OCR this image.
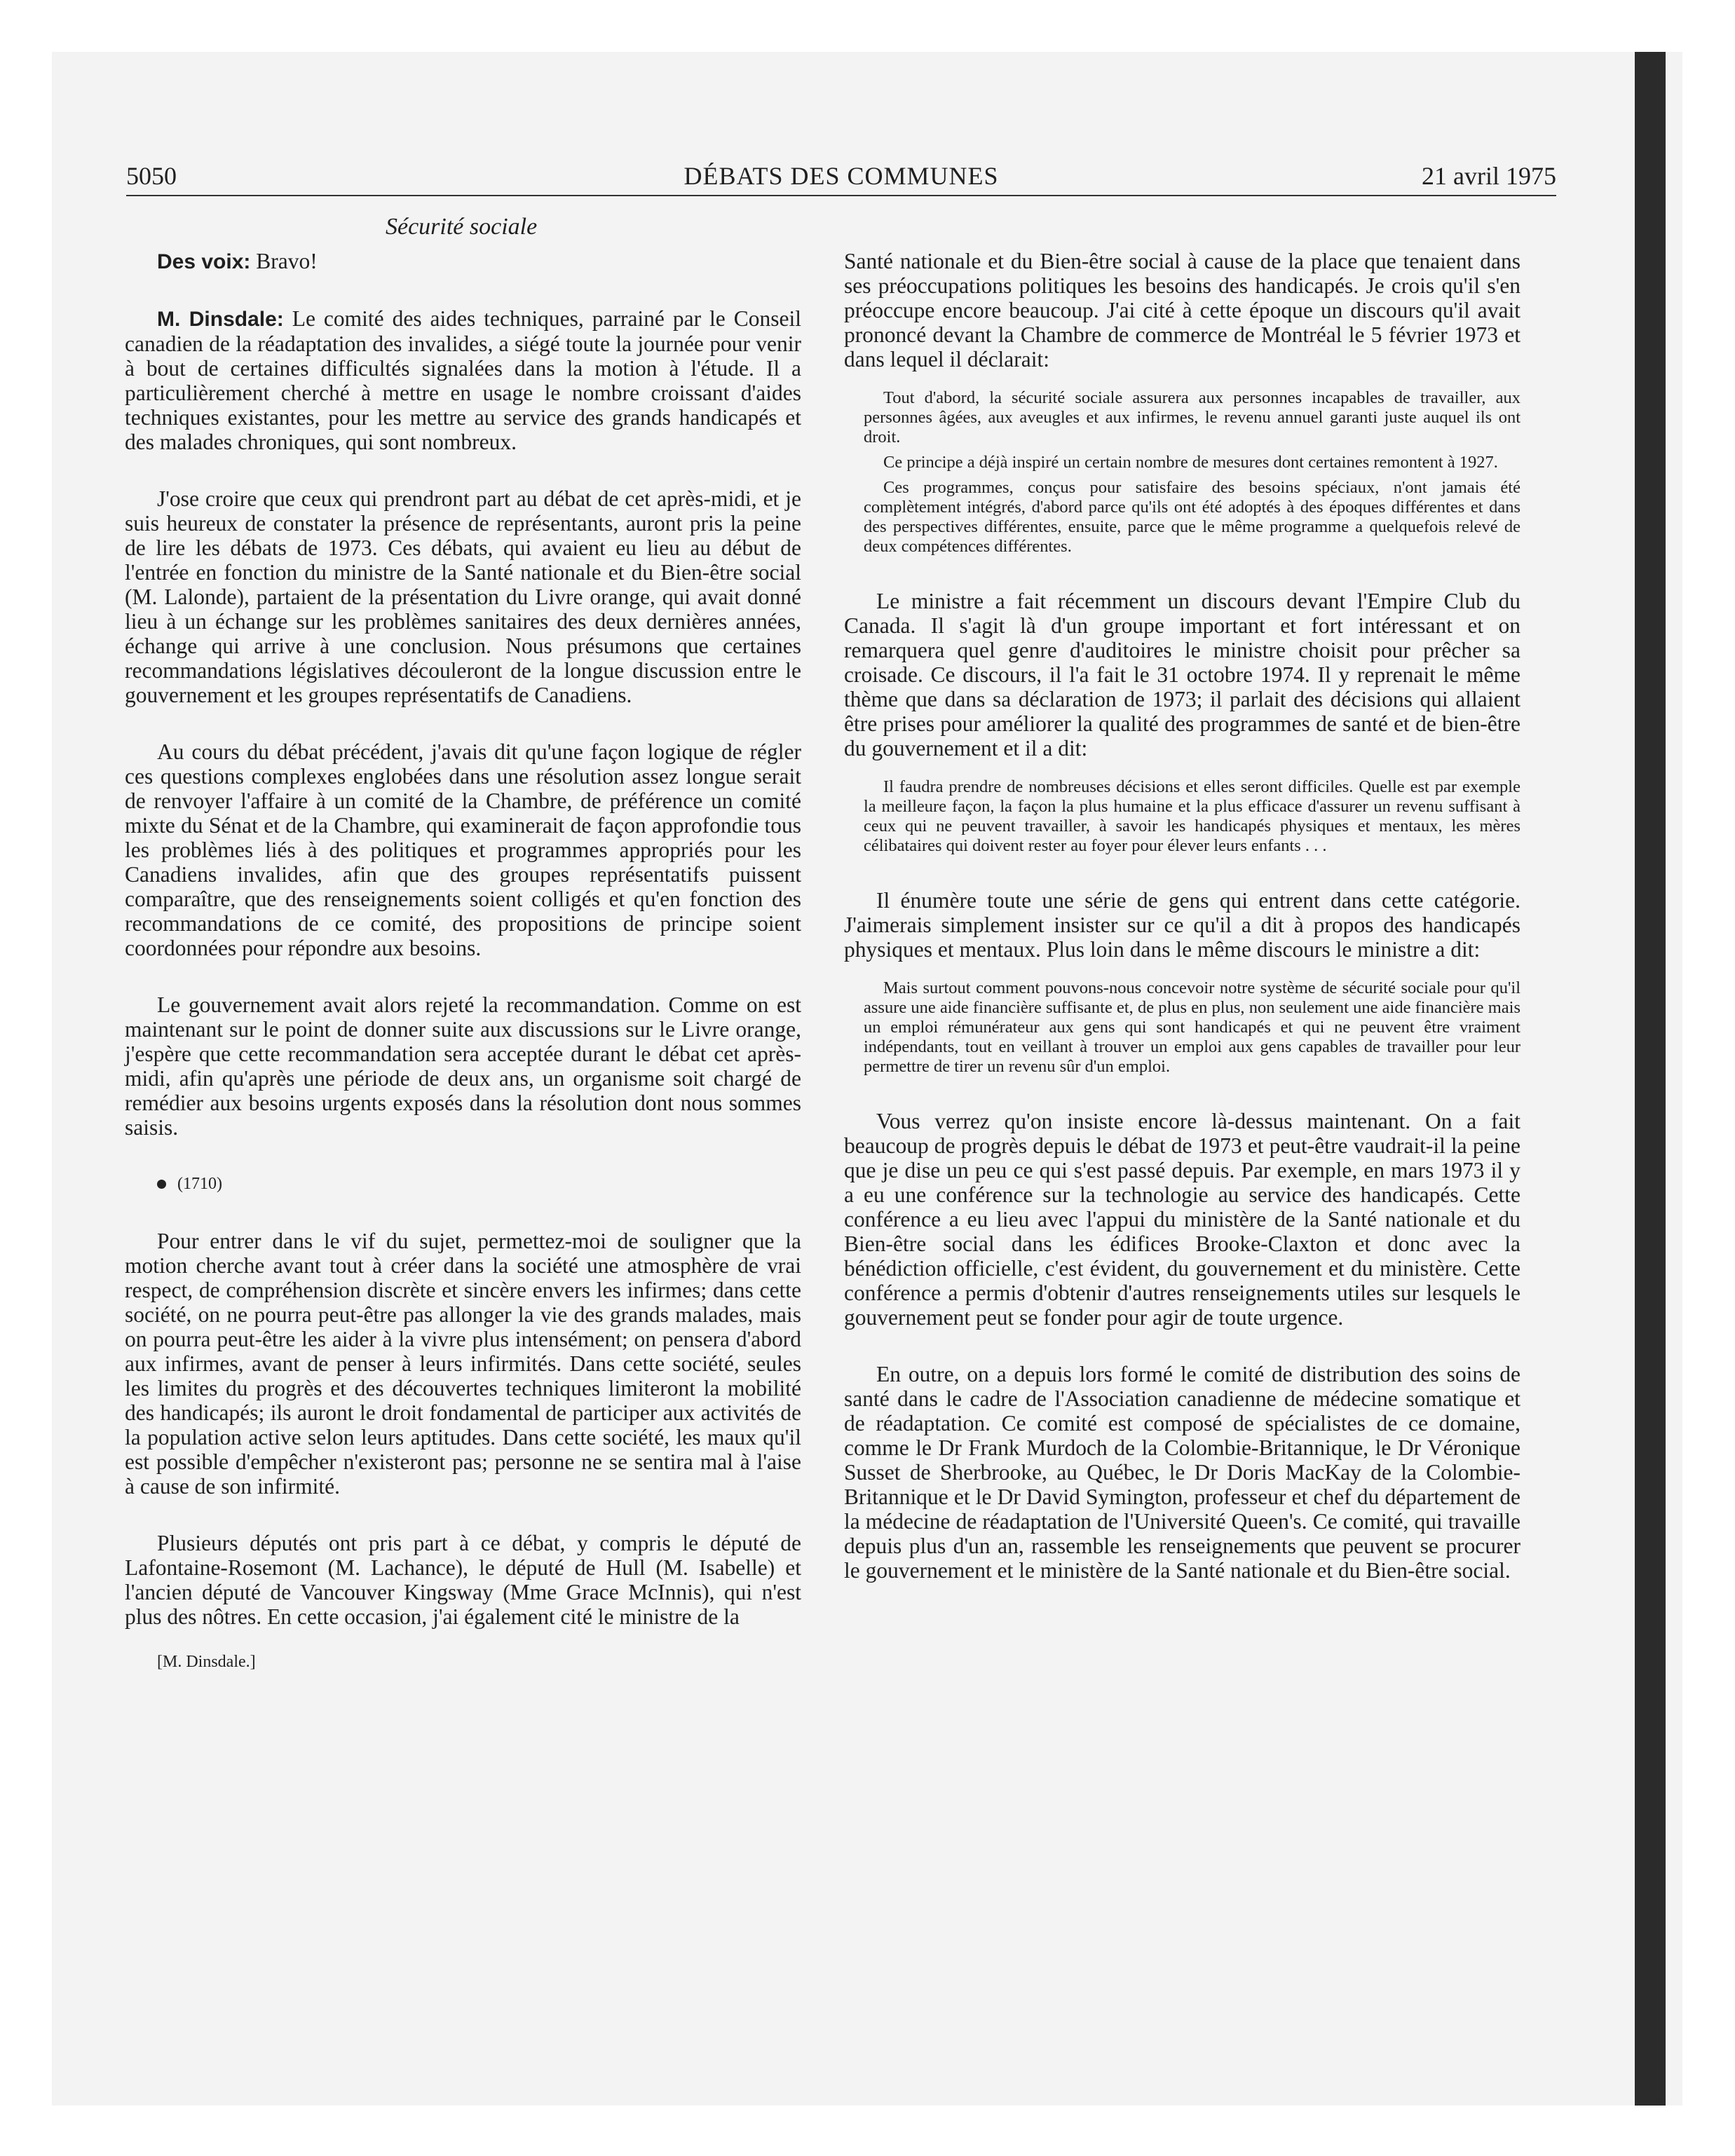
5050	DÉBATS DES COMMUNES	21 avril 1975
Sécurité sociale

Des voix: Bravo!

M. Dinsdale: Le comité des aides techniques, parrainé par le Conseil canadien de la réadaptation des invalides, a siégé toute la journée pour venir à bout de certaines difficultés signalées dans la motion à l'étude. Il a particulièrement cherché à mettre en usage le nombre croissant d'aides techniques existantes, pour les mettre au service des grands handicapés et des malades chroniques, qui sont nombreux.

J'ose croire que ceux qui prendront part au débat de cet après-midi, et je suis heureux de constater la présence de représentants, auront pris la peine de lire les débats de 1973. Ces débats, qui avaient eu lieu au début de l'entrée en fonction du ministre de la Santé nationale et du Bien-être social (M. Lalonde), partaient de la présentation du Livre orange, qui avait donné lieu à un échange sur les problèmes sanitaires des deux dernières années, échange qui arrive à une conclusion. Nous présumons que certaines recommandations législatives découleront de la longue discussion entre le gouvernement et les groupes représentatifs de Canadiens.

Au cours du débat précédent, j'avais dit qu'une façon logique de régler ces questions complexes englobées dans une résolution assez longue serait de renvoyer l'affaire à un comité de la Chambre, de préférence un comité mixte du Sénat et de la Chambre, qui examinerait de façon approfondie tous les problèmes liés à des politiques et programmes appropriés pour les Canadiens invalides, afin que des groupes représentatifs puissent comparaître, que des renseignements soient colligés et qu'en fonction des recommandations de ce comité, des propositions de principe soient coordonnées pour répondre aux besoins.

Le gouvernement avait alors rejeté la recommandation. Comme on est maintenant sur le point de donner suite aux discussions sur le Livre orange, j'espère que cette recommandation sera acceptée durant le débat cet après-midi, afin qu'après une période de deux ans, un organisme soit chargé de remédier aux besoins urgents exposés dans la résolution dont nous sommes saisis.

(1710)

Pour entrer dans le vif du sujet, permettez-moi de souligner que la motion cherche avant tout à créer dans la société une atmosphère de vrai respect, de compréhension discrète et sincère envers les infirmes; dans cette société, on ne pourra peut-être pas allonger la vie des grands malades, mais on pourra peut-être les aider à la vivre plus intensément; on pensera d'abord aux infirmes, avant de penser à leurs infirmités. Dans cette société, seules les limites du progrès et des découvertes techniques limiteront la mobilité des handicapés; ils auront le droit fondamental de participer aux activités de la population active selon leurs aptitudes. Dans cette société, les maux qu'il est possible d'empêcher n'existeront pas; personne ne se sentira mal à l'aise à cause de son infirmité.

Plusieurs députés ont pris part à ce débat, y compris le député de Lafontaine-Rosemont (M. Lachance), le député de Hull (M. Isabelle) et l'ancien député de Vancouver Kingsway (Mme Grace McInnis), qui n'est plus des nôtres. En cette occasion, j'ai également cité le ministre de la

[M. Dinsdale.]

Santé nationale et du Bien-être social à cause de la place que tenaient dans ses préoccupations politiques les besoins des handicapés. Je crois qu'il s'en préoccupe encore beaucoup. J'ai cité à cette époque un discours qu'il avait prononcé devant la Chambre de commerce de Montréal le 5 février 1973 et dans lequel il déclarait:

Tout d'abord, la sécurité sociale assurera aux personnes incapables de travailler, aux personnes âgées, aux aveugles et aux infirmes, le revenu annuel garanti juste auquel ils ont droit.
Ce principe a déjà inspiré un certain nombre de mesures dont certaines remontent à 1927.
Ces programmes, conçus pour satisfaire des besoins spéciaux, n'ont jamais été complètement intégrés, d'abord parce qu'ils ont été adoptés à des époques différentes et dans des perspectives différentes, ensuite, parce que le même programme a quelquefois relevé de deux compétences différentes.

Le ministre a fait récemment un discours devant l'Empire Club du Canada. Il s'agit là d'un groupe important et fort intéressant et on remarquera quel genre d'auditoires le ministre choisit pour prêcher sa croisade. Ce discours, il l'a fait le 31 octobre 1974. Il y reprenait le même thème que dans sa déclaration de 1973; il parlait des décisions qui allaient être prises pour améliorer la qualité des programmes de santé et de bien-être du gouvernement et il a dit:

Il faudra prendre de nombreuses décisions et elles seront difficiles. Quelle est par exemple la meilleure façon, la façon la plus humaine et la plus efficace d'assurer un revenu suffisant à ceux qui ne peuvent travailler, à savoir les handicapés physiques et mentaux, les mères célibataires qui doivent rester au foyer pour élever leurs enfants . . .

Il énumère toute une série de gens qui entrent dans cette catégorie. J'aimerais simplement insister sur ce qu'il a dit à propos des handicapés physiques et mentaux. Plus loin dans le même discours le ministre a dit:

Mais surtout comment pouvons-nous concevoir notre système de sécurité sociale pour qu'il assure une aide financière suffisante et, de plus en plus, non seulement une aide financière mais un emploi rémunérateur aux gens qui sont handicapés et qui ne peuvent être vraiment indépendants, tout en veillant à trouver un emploi aux gens capables de travailler pour leur permettre de tirer un revenu sûr d'un emploi.

Vous verrez qu'on insiste encore là-dessus maintenant. On a fait beaucoup de progrès depuis le débat de 1973 et peut-être vaudrait-il la peine que je dise un peu ce qui s'est passé depuis. Par exemple, en mars 1973 il y a eu une conférence sur la technologie au service des handicapés. Cette conférence a eu lieu avec l'appui du ministère de la Santé nationale et du Bien-être social dans les édifices Brooke-Claxton et donc avec la bénédiction officielle, c'est évident, du gouvernement et du ministère. Cette conférence a permis d'obtenir d'autres renseignements utiles sur lesquels le gouvernement peut se fonder pour agir de toute urgence.

En outre, on a depuis lors formé le comité de distribution des soins de santé dans le cadre de l'Association canadienne de médecine somatique et de réadaptation. Ce comité est composé de spécialistes de ce domaine, comme le Dr Frank Murdoch de la Colombie-Britannique, le Dr Véronique Susset de Sherbrooke, au Québec, le Dr Doris MacKay de la Colombie-Britannique et le Dr David Symington, professeur et chef du département de la médecine de réadaptation de l'Université Queen's. Ce comité, qui travaille depuis plus d'un an, rassemble les renseignements que peuvent se procurer le gouvernement et le ministère de la Santé nationale et du Bien-être social.
